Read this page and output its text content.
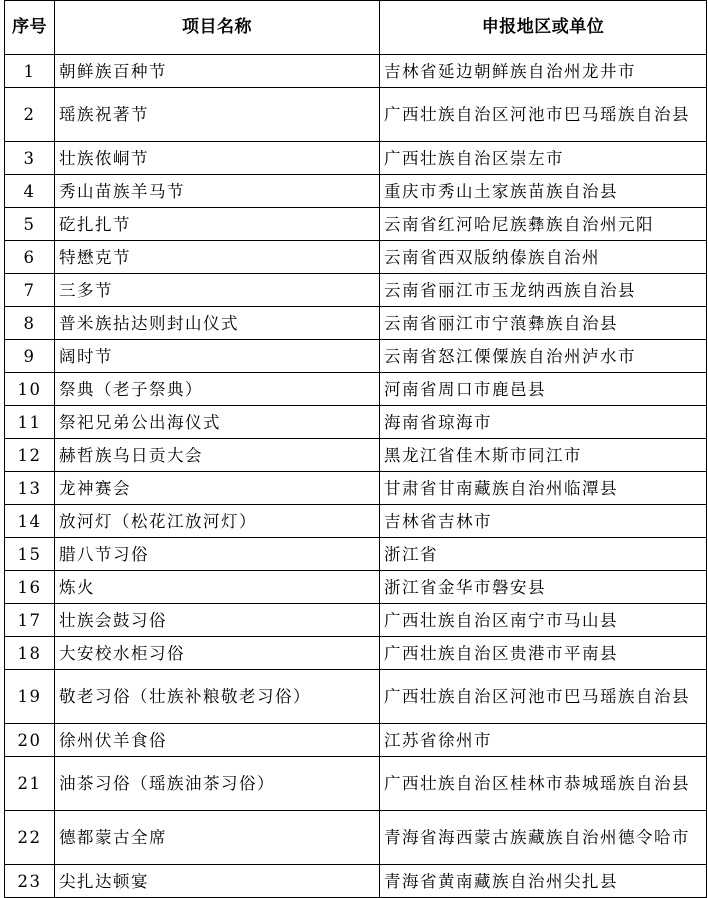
序号	项目名称	申报地区或单位
1	朝鲜族百种节	吉林省延边朝鲜族自治州龙井市
2	瑶族祝著节	广西壮族自治区河池市巴马瑶族自治县
3	壮族侬峒节	广西壮族自治区崇左市
4	秀山苗族羊马节	重庆市秀山土家族苗族自治县
5	矻扎扎节	云南省红河哈尼族彝族自治州元阳
6	特懋克节	云南省西双版纳傣族自治州
7	三多节	云南省丽江市玉龙纳西族自治县
8	普米族拈达则封山仪式	云南省丽江市宁蒗彝族自治县
9	阔时节	云南省怒江傈僳族自治州泸水市
10	祭典（老子祭典）	河南省周口市鹿邑县
11	祭祀兄弟公出海仪式	海南省琼海市
12	赫哲族乌日贡大会	黑龙江省佳木斯市同江市
13	龙神赛会	甘肃省甘南藏族自治州临潭县
14	放河灯（松花江放河灯）	吉林省吉林市
15	腊八节习俗	浙江省
16	炼火	浙江省金华市磐安县
17	壮族会鼓习俗	广西壮族自治区南宁市马山县
18	大安校水柜习俗	广西壮族自治区贵港市平南县
19	敬老习俗（壮族补粮敬老习俗）	广西壮族自治区河池市巴马瑶族自治县
20	徐州伏羊食俗	江苏省徐州市
21	油茶习俗（瑶族油茶习俗）	广西壮族自治区桂林市恭城瑶族自治县
22	德都蒙古全席	青海省海西蒙古族藏族自治州德令哈市
23	尖扎达顿宴	青海省黄南藏族自治州尖扎县
